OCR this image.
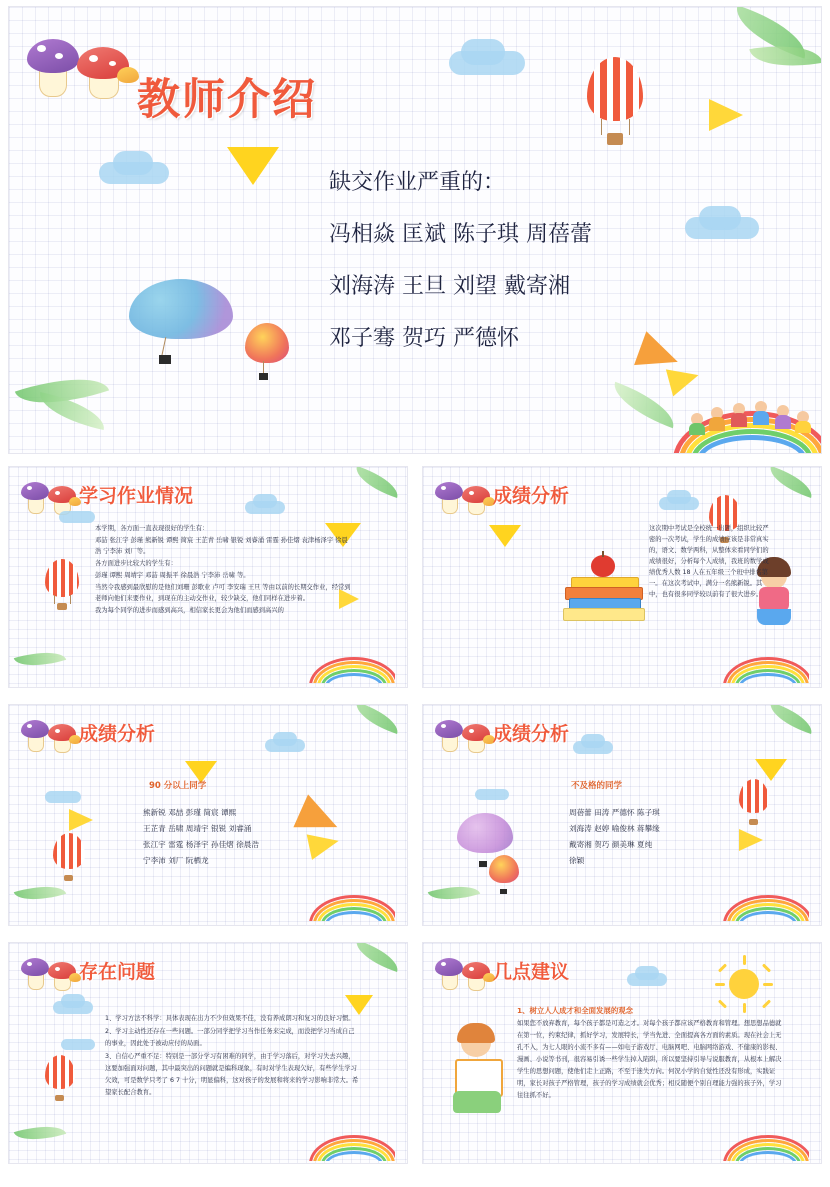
教师介绍
缺交作业严重的：
冯相焱 匡斌 陈子琪 周蓓蕾
刘海涛 王旦 刘望 戴寄湘
邓子骞 贺巧 严德怀
学习作业情况

本学期，各方面一直表现很好的学生有：

邓喆 张江宇 彭瑾 熊新锐 谭熙 简宸 王芷青 岳啸 银锐 刘睿涌 雷霆 孙佳熠 袁津杨泽宇 徐晨浩 宁李沛 刘厂等。

各方面进步比较大的学生有：

彭瑾 谭熙 周靖宇 邓喆 周振平 徐晨浩 宁李沛 岳啸 等。

当然令我感到最欣慰的是他们刘珊 彭歌业 卢可 李安瑞 王旦 等由以前的长期交作业，经常到老师向他们来要作业，到现在的主动交作业，较少缺交，他们同样在进步着。

我为每个同学的进步而感到高兴，相信家长更会为他们而感到高兴的

成绩分析

这次期中考试是全校统一出题，组织比较严密的一次考试，学生的成绩应该是非常真实的，语文、数学两科，从整体来看同学们的成绩很好，分析每个人成绩，我班的数学成绩优秀人数 18 人在五年级三个班中排名第一。在这次考试中，满分一名熊新锐。其中，也有很多同学较以前有了很大进步。

成绩分析
90 分以上同学
熊新锐 邓喆 彭瑾 简宸 谭熙
王芷青 岳啸 周靖宇 银锐 刘睿涌
张江宇 雷霆 杨泽宇 孙佳熠 徐晨浩
宁李沛 刘厂 阮栖龙
成绩分析
不及格的同学
周蓓蕾 田涛 严德怀 陈子琪
刘海涛 赵婷 喻俊林 蒋攀缘
戴寄湘 贺巧 颜美琳 夏纯
徐颖
存在问题

1、学习方法不科学：具体表现在出力不少但效果不佳，没有养成朗习和复习的良好习惯。

2、学习主动性还存在一些问题。一部分同学把学习当作任务来完成，而没把学习当成自己的事业，因此处于被动应付的局面。

3、自信心严重不足：特别是一部分学习有困难的同学，由于学习落后，对学习失去兴趣，这要加强面对问题，其中最突出的问题就是编科现象，有时对学生表现欠好，有些学生学习欠效，可是数学只考了 6 7 十分，明显偏科，这对孩子的发展和将来的学习影响非常大。希望家长配合教育。

几点建议

1、树立人人成才和全面发展的观念

如果您不放弃教育，每个孩子都是可造之才。对每个孩子都应该严格教育和管理。想思想品德就在第一位，约束纪律，抓好学习，发展特长，学当先进、全面提高各方面的素质。现在社会上无孔不入，为七人眼的小流不多有——如电子游戏厅、电脑网吧、电脑网络游戏、不健康的影视、漫画、小说等书刊，很容易引诱一些学生掉入陷阱，所以要坚持引导与说服教育，从根本上解决学生的思想问题，使他们走上正路，不至于迷失方向。何况小学的自觉性还没有形成，实践证明，家长对孩子严格管理，孩子的学习成绩就会优秀；相反随便个别自理能力强的孩子外，学习往往抓不好。
